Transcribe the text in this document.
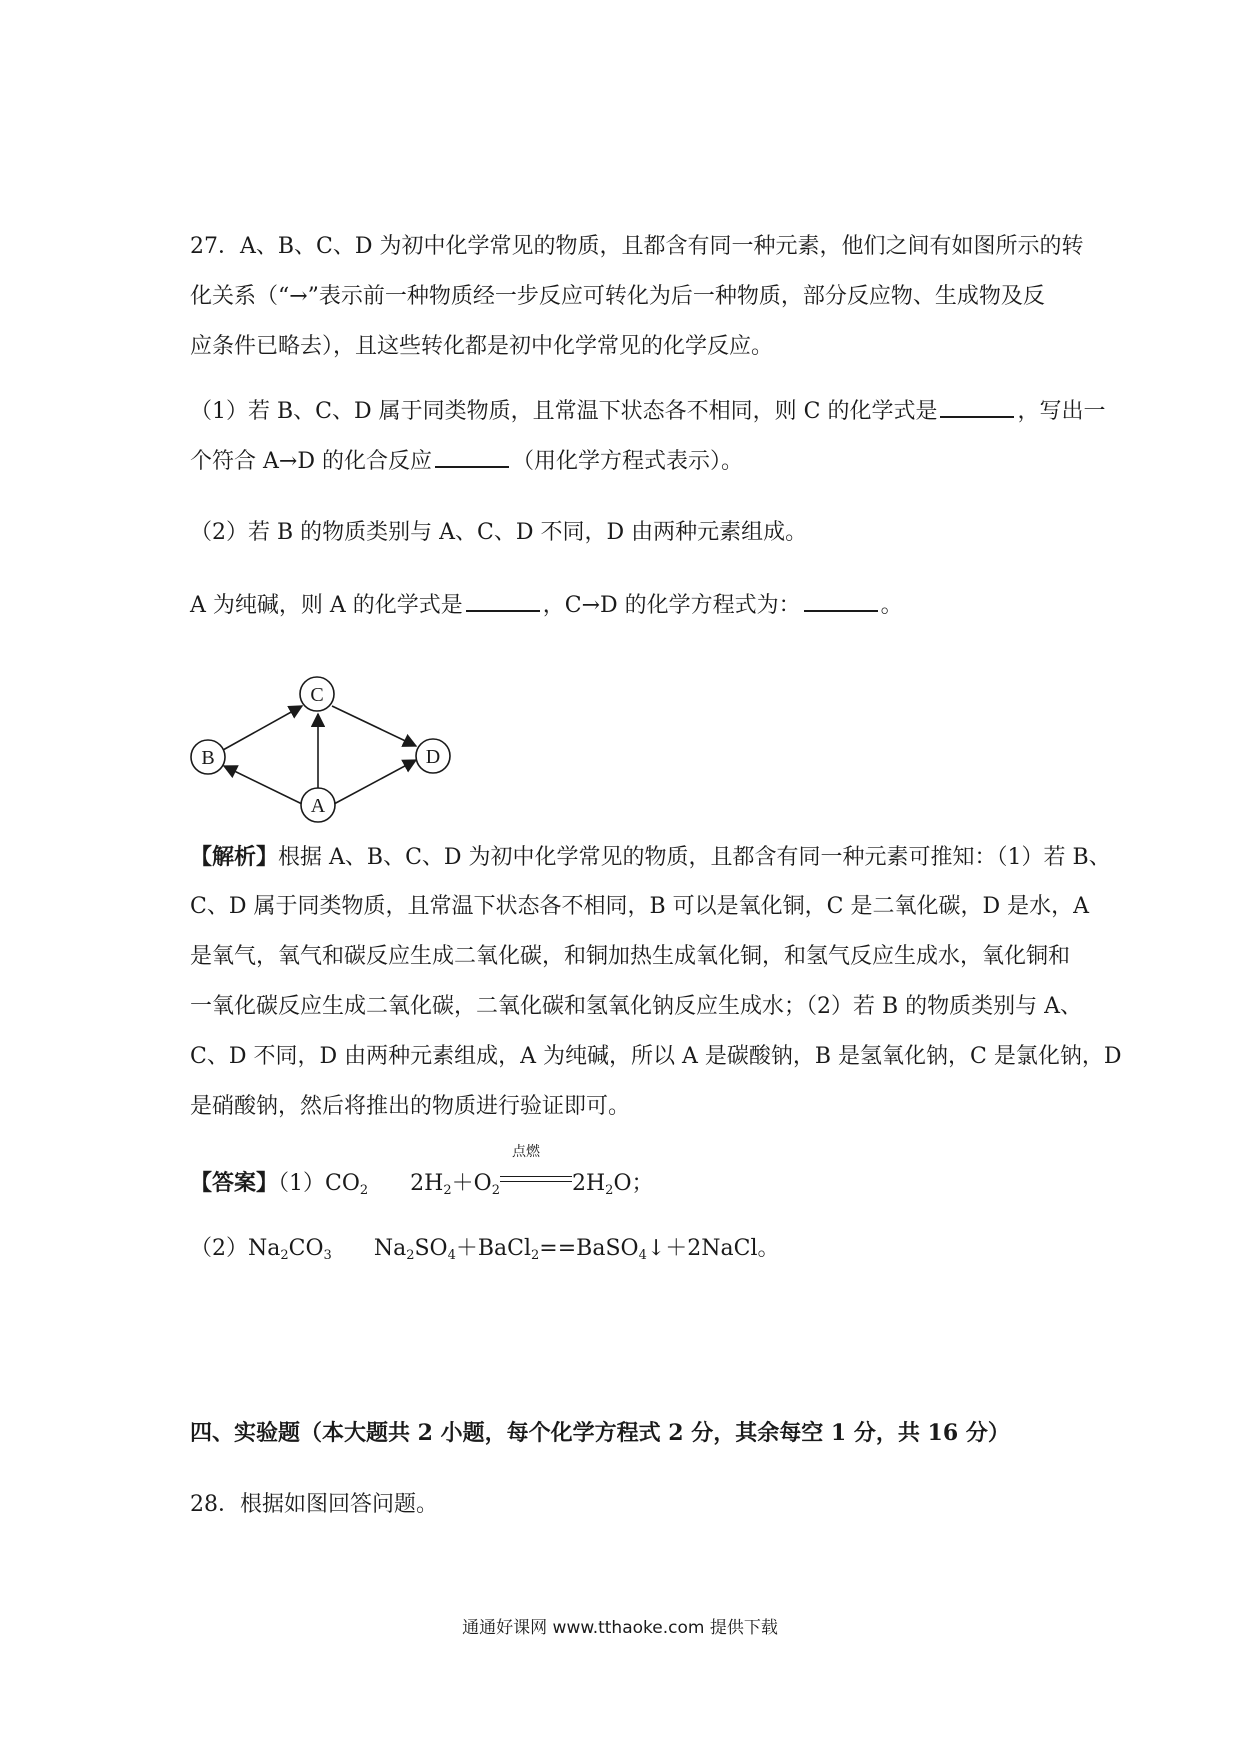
27．A、B、C、D 为初中化学常见的物质，且都含有同一种元素，他们之间有如图所示的转
化关系（“→”表示前一种物质经一步反应可转化为后一种物质，部分反应物、生成物及反
应条件已略去），且这些转化都是初中化学常见的化学反应。
（1）若 B、C、D 属于同类物质，且常温下状态各不相同，则 C 的化学式是	，写出一
个符合 A→D 的化合反应	（用化学方程式表示）。
（2）若 B 的物质类别与 A、C、D 不同，D 由两种元素组成。
A 为纯碱，则 A 的化学式是	，C→D 的化学方程式为：	。
B
C
D
A
【解析】根据 A、B、C、D 为初中化学常见的物质，且都含有同一种元素可推知：（1）若 B、
C、D 属于同类物质，且常温下状态各不相同，B 可以是氧化铜，C 是二氧化碳，D 是水，A
是氧气，氧气和碳反应生成二氧化碳，和铜加热生成氧化铜，和氢气反应生成水，氧化铜和
一氧化碳反应生成二氧化碳，二氧化碳和氢氧化钠反应生成水；（2）若 B 的物质类别与 A、
C、D 不同，D 由两种元素组成，A 为纯碱，所以 A 是碳酸钠，B 是氢氧化钠，C 是氯化钠，D
是硝酸钠，然后将推出的物质进行验证即可。
【答案】$(1)CO_2$ $2H_2+O_2$
点燃
$2H_2O$；
$(2)Na_2CO_3$ $Na_2SO_4+BaCl_2==BaSO_4↓+2NaCl$。
四、实验题（本大题共 2 小题，每个化学方程式 2 分，其余每空 1 分，共 16 分）
28．根据如图回答问题。
通通好课网 www.tthaoke.com 提供下载
